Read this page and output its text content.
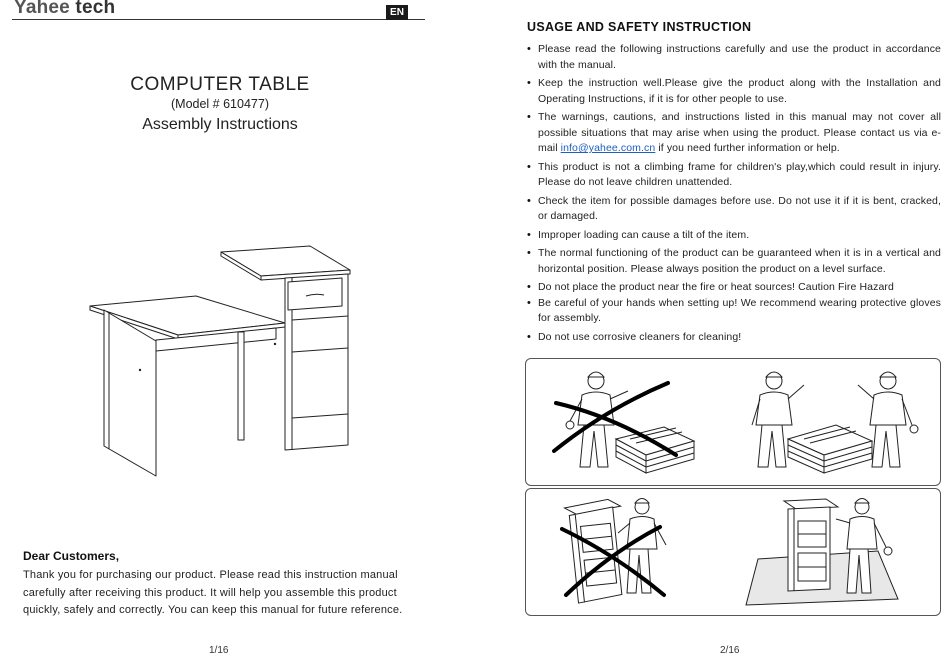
Yahee tech	EN
COMPUTER TABLE
(Model # 610477)
Assembly Instructions
Dear Customers,
Thank you for purchasing our product. Please read this instruction manual carefully after receiving this product. It will help you assemble this product quickly, safely and correctly. You can keep this manual for future reference.
1/16
USAGE AND SAFETY INSTRUCTION
• Please read the following instructions carefully and use the product in accordance with the manual.
• Keep the instruction well.Please give the product along with the Installation and Operating Instructions, if it is for other people to use.
• The warnings, cautions, and instructions listed in this manual may not cover all possible situations that may arise when using the product. Please contact us via e-mail info@yahee.com.cn if you need further information or help.
• This product is not a climbing frame for children's play,which could result in injury. Please do not leave children unattended.
• Check the item for possible damages before use. Do not use it if it is bent, cracked, or damaged.
• Improper loading can cause a tilt of the item.
• The normal functioning of the product can be guaranteed when it is in a vertical and horizontal position. Please always position the product on a level surface.
• Do not place the product near the fire or heat sources! Caution Fire Hazard
• Be careful of your hands when setting up! We recommend wearing protective gloves for assembly.
• Do not use corrosive cleaners for cleaning!
2/16
